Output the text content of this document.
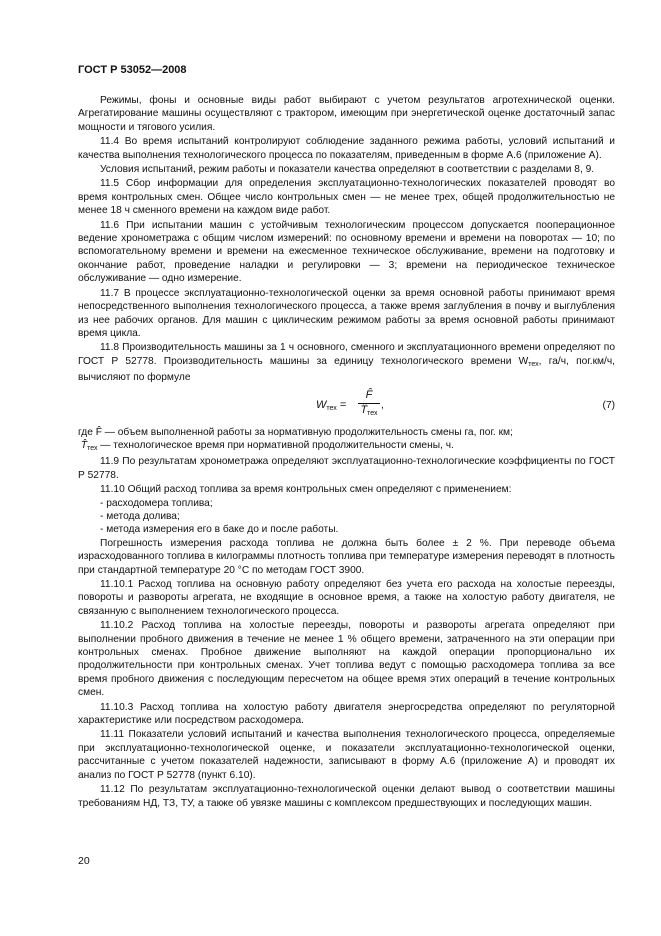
ГОСТ Р 53052—2008

Режимы, фоны и основные виды работ выбирают с учетом результатов агротехнической оценки. Агрегатирование машины осуществляют с трактором, имеющим при энергетической оценке достаточный запас мощности и тягового усилия.

11.4 Во время испытаний контролируют соблюдение заданного режима работы, условий испытаний и качества выполнения технологического процесса по показателям, приведенным в форме А.6 (приложение А).

Условия испытаний, режим работы и показатели качества определяют в соответствии с разделами 8, 9.

11.5 Сбор информации для определения эксплуатационно-технологических показателей проводят во время контрольных смен. Общее число контрольных смен — не менее трех, общей продолжительностью не менее 18 ч сменного времени на каждом виде работ.

11.6 При испытании машин с устойчивым технологическим процессом допускается пооперационное ведение хронометража с общим числом измерений: по основному времени и времени на поворотах — 10; по вспомогательному времени и времени на ежесменное техническое обслуживание, времени на подготовку и окончание работ, проведение наладки и регулировки — 3; времени на периодическое техническое обслуживание — одно измерение.

11.7 В процессе эксплуатационно-технологической оценки за время основной работы принимают время непосредственного выполнения технологического процесса, а также время заглубления в почву и выглубления из нее рабочих органов. Для машин с циклическим режимом работы за время основной работы принимают время цикла.

11.8 Производительность машины за 1 ч основного, сменного и эксплуатационного времени определяют по ГОСТ Р 52778. Производительность машины за единицу технологического времени $W_{тех}$, га/ч, пог.км/ч, вычисляют по формуле

$W_{тех}$ =
F̂
$T̂_{тех}$
,	(7)

где F̂ — объем выполненной работы за нормативную продолжительность смены га, пог. км;

$T̂_{тех}$ — технологическое время при нормативной продолжительности смены, ч.

11.9 По результатам хронометража определяют эксплуатационно-технологические коэффициенты по ГОСТ Р 52778.

11.10 Общий расход топлива за время контрольных смен определяют с применением:

- расходомера топлива;

- метода долива;

- метода измерения его в баке до и после работы.

Погрешность измерения расхода топлива не должна быть более ± 2 %. При переводе объема израсходованного топлива в килограммы плотность топлива при температуре измерения переводят в плотность при стандартной температуре 20 °С по методам ГОСТ 3900.

11.10.1 Расход топлива на основную работу определяют без учета его расхода на холостые переезды, повороты и развороты агрегата, не входящие в основное время, а также на холостую работу двигателя, не связанную с выполнением технологического процесса.

11.10.2 Расход топлива на холостые переезды, повороты и развороты агрегата определяют при выполнении пробного движения в течение не менее 1 % общего времени, затраченного на эти операции при контрольных сменах. Пробное движение выполняют на каждой операции пропорционально их продолжительности при контрольных сменах. Учет топлива ведут с помощью расходомера топлива за все время пробного движения с последующим пересчетом на общее время этих операций в течение контрольных смен.

11.10.3 Расход топлива на холостую работу двигателя энергосредства определяют по регуляторной характеристике или посредством расходомера.

11.11 Показатели условий испытаний и качества выполнения технологического процесса, определяемые при эксплуатационно-технологической оценке, и показатели эксплуатационно-технологической оценки, рассчитанные с учетом показателей надежности, записывают в форму А.6 (приложение А) и проводят их анализ по ГОСТ Р 52778 (пункт 6.10).

11.12 По результатам эксплуатационно-технологической оценки делают вывод о соответствии машины требованиям НД, ТЗ, ТУ, а также об увязке машины с комплексом предшествующих и последующих машин.

20
